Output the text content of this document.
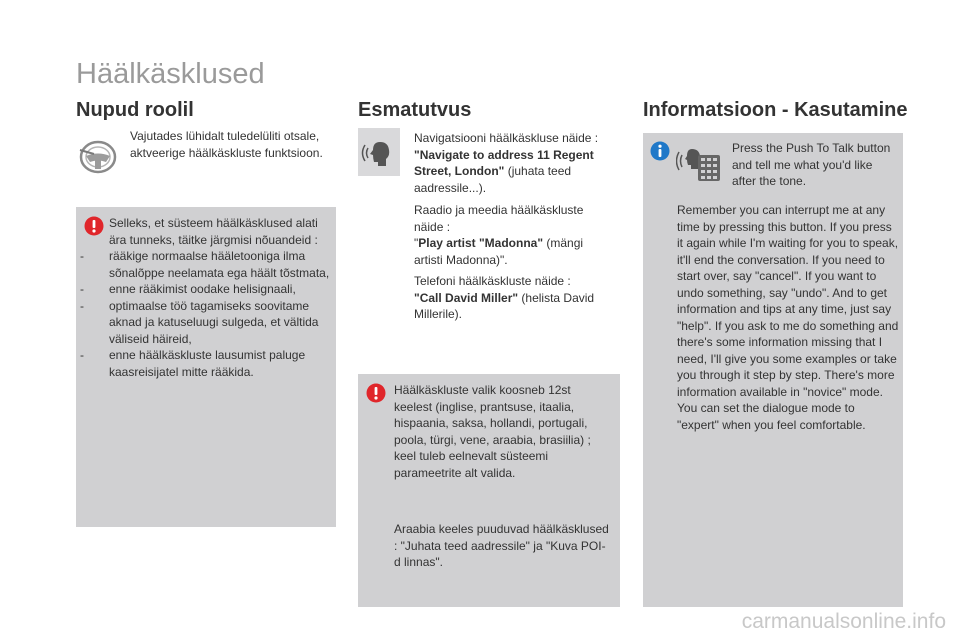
Häälkäsklused
Nupud roolil
Vajutades lühidalt tuledelüliti otsale, aktveerige häälkäskluste funktsioon.

Selleks, et süsteem häälkäsklused alati ära tunneks, täitke järgmisi nõuandeid :

- rääkige normaalse hääletooniga ilma sõnalõppe neelamata ega häält tõstmata,
- enne rääkimist oodake helisignaali,
- optimaalse töö tagamiseks soovitame aknad ja katuseluugi sulgeda, et vältida väliseid häireid,
- enne häälkäskluste lausumist paluge kaasreisijatel mitte rääkida.
Esmatutvus
Navigatsiooni häälkäskluse näide :
"Navigate to address 11 Regent Street, London" (juhata teed aadressile...).
Raadio ja meedia häälkäskluste näide :
"Play artist "Madonna" (mängi artisti Madonna)".
Telefoni häälkäskluste näide :
"Call David Miller" (helista David Millerile).
Häälkäskluste valik koosneb 12st keelest (inglise, prantsuse, itaalia, hispaania, saksa, hollandi, portugali, poola, türgi, vene, araabia, brasiilia) ; keel tuleb eelnevalt süsteemi parameetrite alt valida.
Araabia keeles puuduvad häälkäsklused : "Juhata teed aadressile" ja "Kuva POI-d linnas".
Informatsioon - Kasutamine
Press the Push To Talk button and tell me what you'd like after the tone.
Remember you can interrupt me at any time by pressing this button. If you press it again while I'm waiting for you to speak, it'll end the conversation. If you need to start over, say "cancel". If you want to undo something, say "undo". And to get information and tips at any time, just say "help". If you ask to me do something and there's some information missing that I need, I'll give you some examples or take you through it step by step. There's more information available in "novice" mode. You can set the dialogue mode to "expert" when you feel comfortable.
carmanualsonline.info
